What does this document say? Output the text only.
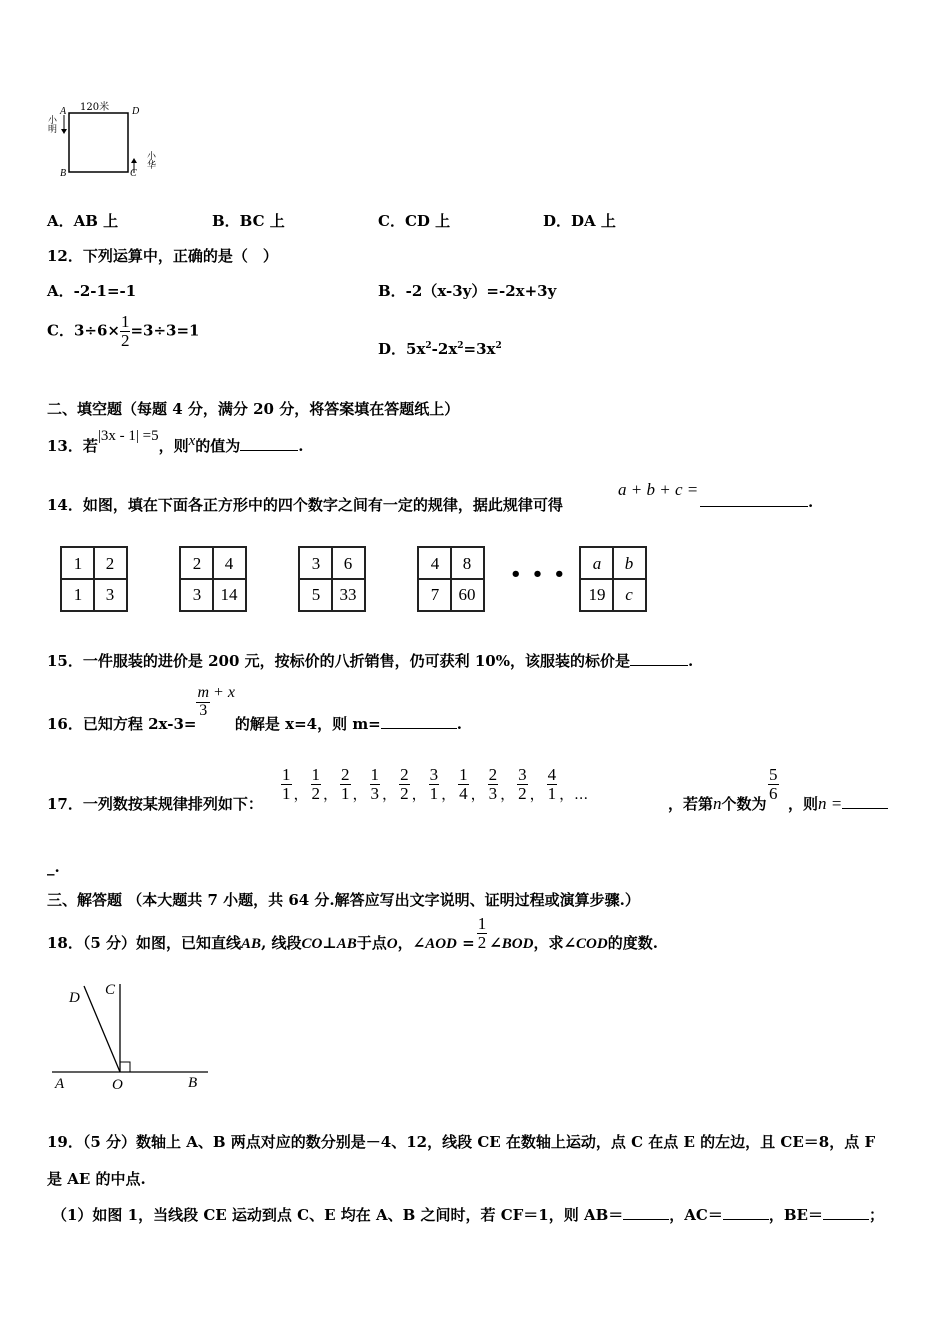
120米
A	D
B	C
小明
小华
A．AB 上	B．BC 上	C．CD 上	D．DA 上
12．下列运算中，正确的是（　）
A．-2-1=-1	B．-2（x-3y）=-2x+3y
C．$3\div 6\times \frac{1}{2} =3\div 3=1$
D．$5x^2-2x^2=3x^2$
二、填空题（每题 4 分，满分 20 分，将答案填在答题纸上）
13．若|3x - 1| =5，则x的值为	.
14．如图，填在下面各正方形中的四个数字之间有一定的规律，据此规律可得
a + b + c =
.
1	2
1	3
2	4
3	14
3	6
5	33
4	8
7	60
• • •
a	b
19	c
15．一件服装的进价是 200 元，按标价的八折销售，仍可获利 10%，该服装的标价是	.
16．已知方程 2x-3=
$\frac{m}{3} + x$的解是 x=4，则 m=	.
17．一列数按某规律排列如下：
$\frac{1}{1}$ ， $\frac{1}{2}$ ， $\frac{2}{1}$ ， $\frac{1}{3}$ ， $\frac{2}{2}$ ， $\frac{3}{1}$ ， $\frac{1}{4}$ ， $\frac{2}{3}$ ， $\frac{3}{2}$ ， $\frac{4}{1}$ ，$_\dots$
，若第n个数为
$\frac{5}{6}$
，则n =
_.
三、解答题 （本大题共 7 小题，共 64 分.解答应写出文字说明、证明过程或演算步骤.）
18．（5 分）如图，已知直线AB, 线段CO⊥AB于点O，∠AOD = $\frac{1}{2}$ ∠BOD，求∠COD的度数.
A	O	B
C
D
19．（5 分）数轴上 A、B 两点对应的数分别是－4、12，线段 CE 在数轴上运动，点 C 在点 E 的左边，且 CE＝8，点 F
是 AE 的中点.
（1）如图 1，当线段 CE 运动到点 C、E 均在 A、B 之间时，若 CF＝1，则 AB＝	，AC＝	，BE＝	；
